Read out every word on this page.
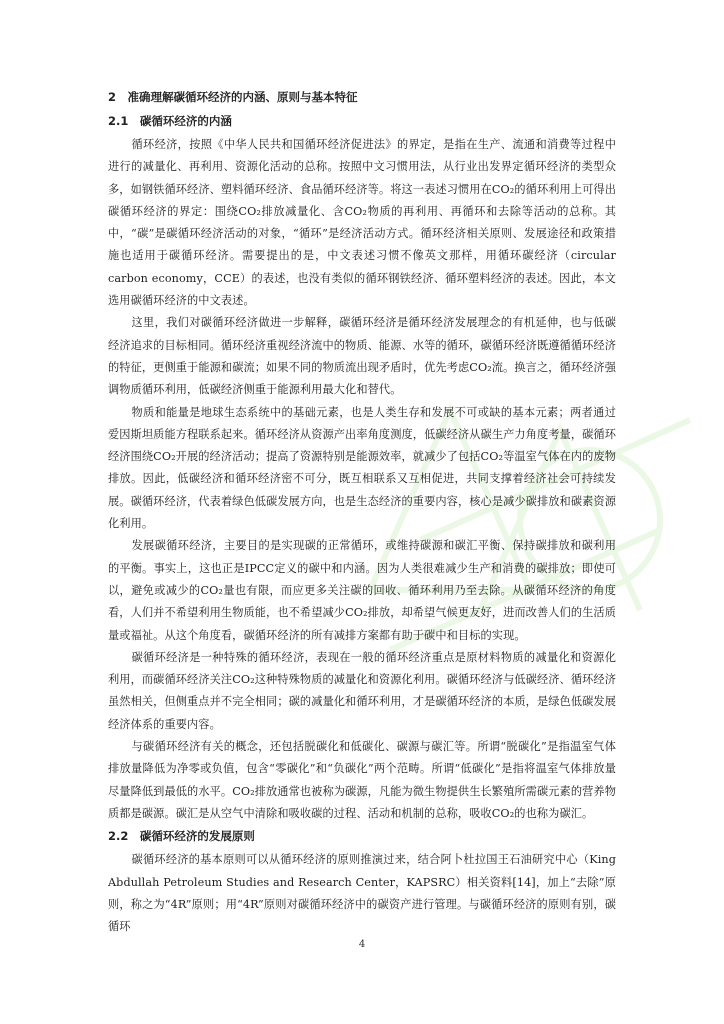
2　准确理解碳循环经济的内涵、原则与基本特征
2.1　碳循环经济的内涵

循环经济，按照《中华人民共和国循环经济促进法》的界定，是指在生产、流通和消费等过程中进行的减量化、再利用、资源化活动的总称。按照中文习惯用法，从行业出发界定循环经济的类型众多，如钢铁循环经济、塑料循环经济、食品循环经济等。将这一表述习惯用在CO₂的循环利用上可得出碳循环经济的界定：围绕CO₂排放减量化、含CO₂物质的再利用、再循环和去除等活动的总称。其中，“碳”是碳循环经济活动的对象，“循环”是经济活动方式。循环经济相关原则、发展途径和政策措施也适用于碳循环经济。需要提出的是，中文表述习惯不像英文那样，用循环碳经济（circular carbon economy，CCE）的表述，也没有类似的循环钢铁经济、循环塑料经济的表述。因此，本文选用碳循环经济的中文表述。

这里，我们对碳循环经济做进一步解释，碳循环经济是循环经济发展理念的有机延伸，也与低碳经济追求的目标相同。循环经济重视经济流中的物质、能源、水等的循环，碳循环经济既遵循循环经济的特征，更侧重于能源和碳流；如果不同的物质流出现矛盾时，优先考虑CO₂流。换言之，循环经济强调物质循环利用，低碳经济侧重于能源利用最大化和替代。

物质和能量是地球生态系统中的基础元素，也是人类生存和发展不可或缺的基本元素；两者通过爱因斯坦质能方程联系起来。循环经济从资源产出率角度测度，低碳经济从碳生产力角度考量，碳循环经济围绕CO₂开展的经济活动；提高了资源特别是能源效率，就减少了包括CO₂等温室气体在内的废物排放。因此，低碳经济和循环经济密不可分，既互相联系又互相促进，共同支撑着经济社会可持续发展。碳循环经济，代表着绿色低碳发展方向，也是生态经济的重要内容，核心是减少碳排放和碳素资源化利用。

发展碳循环经济，主要目的是实现碳的正常循环，或维持碳源和碳汇平衡、保持碳排放和碳利用的平衡。事实上，这也正是IPCC定义的碳中和内涵。因为人类很难减少生产和消费的碳排放；即使可以，避免或减少的CO₂量也有限，而应更多关注碳的回收、循环利用乃至去除。从碳循环经济的角度看，人们并不希望利用生物质能，也不希望减少CO₂排放，却希望气候更友好，进而改善人们的生活质量或福祉。从这个角度看，碳循环经济的所有减排方案都有助于碳中和目标的实现。

碳循环经济是一种特殊的循环经济，表现在一般的循环经济重点是原材料物质的减量化和资源化利用，而碳循环经济关注CO₂这种特殊物质的减量化和资源化利用。碳循环经济与低碳经济、循环经济虽然相关，但侧重点并不完全相同；碳的减量化和循环利用，才是碳循环经济的本质，是绿色低碳发展经济体系的重要内容。

与碳循环经济有关的概念，还包括脱碳化和低碳化、碳源与碳汇等。所谓“脱碳化”是指温室气体排放量降低为净零或负值，包含“零碳化”和“负碳化”两个范畴。所谓“低碳化”是指将温室气体排放量尽量降低到最低的水平。CO₂排放通常也被称为碳源，凡能为微生物提供生长繁殖所需碳元素的营养物质都是碳源。碳汇是从空气中清除和吸收碳的过程、活动和机制的总称，吸收CO₂的也称为碳汇。

2.2　碳循环经济的发展原则

碳循环经济的基本原则可以从循环经济的原则推演过来，结合阿卜杜拉国王石油研究中心（King Abdullah Petroleum Studies and Research Center，KAPSRC）相关资料[14]，加上“去除”原则，称之为“4R”原则；用“4R”原则对碳循环经济中的碳资产进行管理。与碳循环经济的原则有别，碳循环

4
